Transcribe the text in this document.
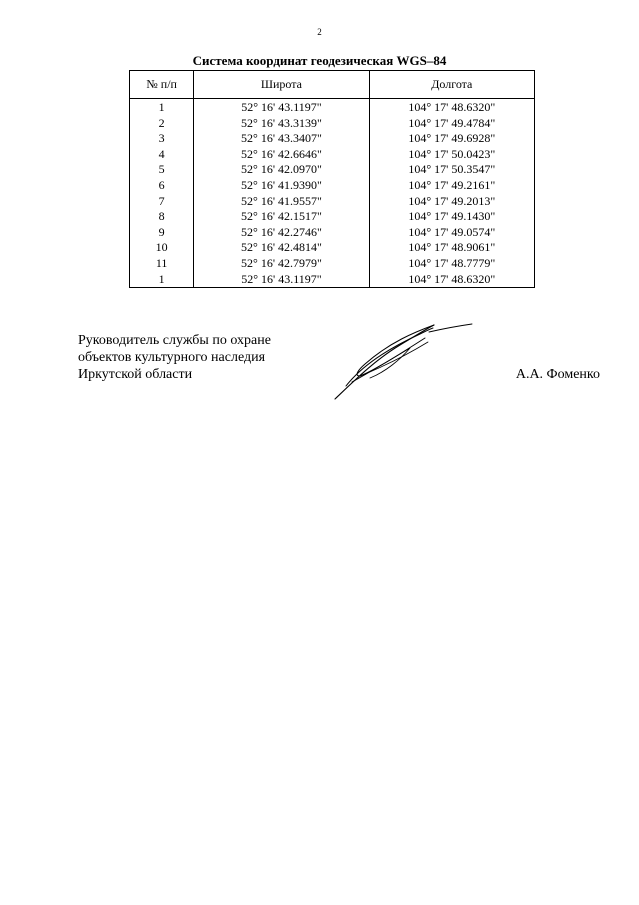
2
Система координат геодезическая WGS–84
№ п/п	Широта	Долгота
1	52° 16' 43.1197"	104° 17' 48.6320"
2	52° 16' 43.3139"	104° 17' 49.4784"
3	52° 16' 43.3407"	104° 17' 49.6928"
4	52° 16' 42.6646"	104° 17' 50.0423"
5	52° 16' 42.0970"	104° 17' 50.3547"
6	52° 16' 41.9390"	104° 17' 49.2161"
7	52° 16' 41.9557"	104° 17' 49.2013"
8	52° 16' 42.1517"	104° 17' 49.1430"
9	52° 16' 42.2746"	104° 17' 49.0574"
10	52° 16' 42.4814"	104° 17' 48.9061"
11	52° 16' 42.7979"	104° 17' 48.7779"
1	52° 16' 43.1197"	104° 17' 48.6320"
Руководитель службы по охране
объектов культурного наследия
Иркутской области	А.А. Фоменко
